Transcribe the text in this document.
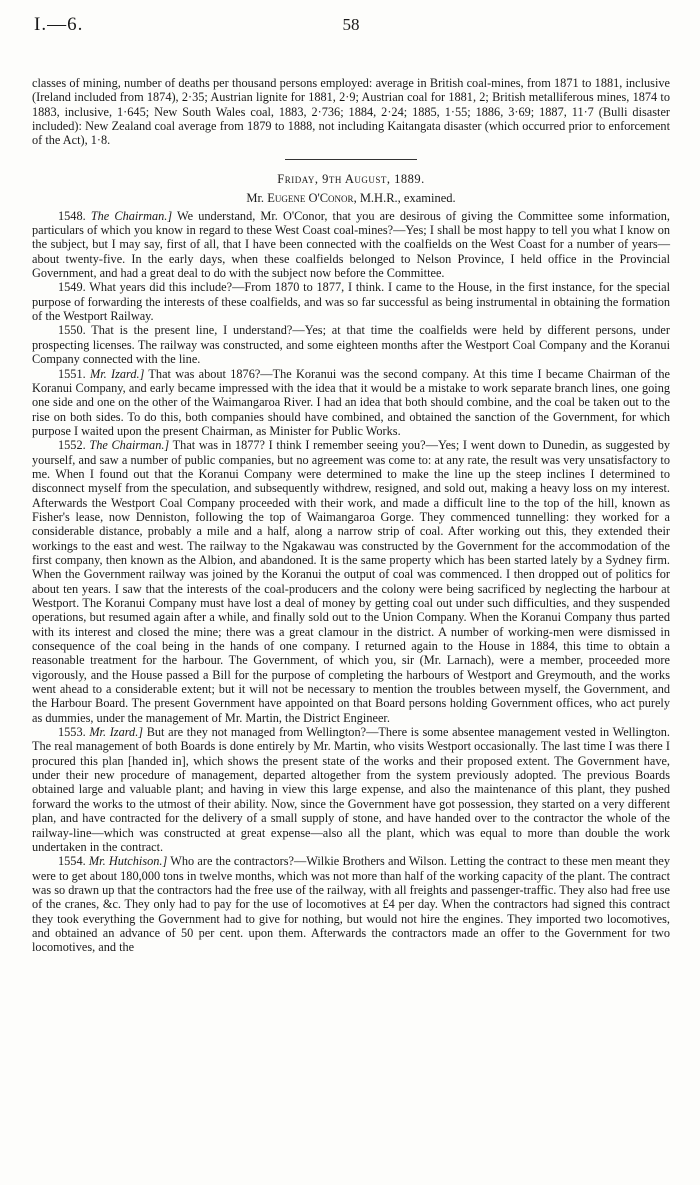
I.—6.	58

classes of mining, number of deaths per thousand persons employed: average in British coal-mines, from 1871 to 1881, inclusive (Ireland included from 1874), 2·35; Austrian lignite for 1881, 2·9; Austrian coal for 1881, 2; British metalliferous mines, 1874 to 1883, inclusive, 1·645; New South Wales coal, 1883, 2·736; 1884, 2·24; 1885, 1·55; 1886, 3·69; 1887, 11·7 (Bulli disaster included): New Zealand coal average from 1879 to 1888, not including Kaitangata disaster (which occurred prior to enforcement of the Act), 1·8.

Friday, 9th August, 1889.
Mr. Eugene O'Conor, M.H.R., examined.

1548. The Chairman.] We understand, Mr. O'Conor, that you are desirous of giving the Committee some information, particulars of which you know in regard to these West Coast coal-mines?—Yes; I shall be most happy to tell you what I know on the subject, but I may say, first of all, that I have been connected with the coalfields on the West Coast for a number of years—about twenty-five. In the early days, when these coalfields belonged to Nelson Province, I held office in the Provincial Government, and had a great deal to do with the subject now before the Committee.

1549. What years did this include?—From 1870 to 1877, I think. I came to the House, in the first instance, for the special purpose of forwarding the interests of these coalfields, and was so far successful as being instrumental in obtaining the formation of the Westport Railway.

1550. That is the present line, I understand?—Yes; at that time the coalfields were held by different persons, under prospecting licenses. The railway was constructed, and some eighteen months after the Westport Coal Company and the Koranui Company connected with the line.

1551. Mr. Izard.] That was about 1876?—The Koranui was the second company. At this time I became Chairman of the Koranui Company, and early became impressed with the idea that it would be a mistake to work separate branch lines, one going one side and one on the other of the Waimangaroa River. I had an idea that both should combine, and the coal be taken out to the rise on both sides. To do this, both companies should have combined, and obtained the sanction of the Government, for which purpose I waited upon the present Chairman, as Minister for Public Works.

1552. The Chairman.] That was in 1877? I think I remember seeing you?—Yes; I went down to Dunedin, as suggested by yourself, and saw a number of public companies, but no agreement was come to: at any rate, the result was very unsatisfactory to me. When I found out that the Koranui Company were determined to make the line up the steep inclines I determined to disconnect myself from the speculation, and subsequently withdrew, resigned, and sold out, making a heavy loss on my interest. Afterwards the Westport Coal Company proceeded with their work, and made a difficult line to the top of the hill, known as Fisher's lease, now Denniston, following the top of Waimangaroa Gorge. They commenced tunnelling: they worked for a considerable distance, probably a mile and a half, along a narrow strip of coal. After working out this, they extended their workings to the east and west. The railway to the Ngakawau was constructed by the Government for the accommodation of the first company, then known as the Albion, and abandoned. It is the same property which has been started lately by a Sydney firm. When the Government railway was joined by the Koranui the output of coal was commenced. I then dropped out of politics for about ten years. I saw that the interests of the coal-producers and the colony were being sacrificed by neglecting the harbour at Westport. The Koranui Company must have lost a deal of money by getting coal out under such difficulties, and they suspended operations, but resumed again after a while, and finally sold out to the Union Company. When the Koranui Company thus parted with its interest and closed the mine; there was a great clamour in the district. A number of working-men were dismissed in consequence of the coal being in the hands of one company. I returned again to the House in 1884, this time to obtain a reasonable treatment for the harbour. The Government, of which you, sir (Mr. Larnach), were a member, proceeded more vigorously, and the House passed a Bill for the purpose of completing the harbours of Westport and Greymouth, and the works went ahead to a considerable extent; but it will not be necessary to mention the troubles between myself, the Government, and the Harbour Board. The present Government have appointed on that Board persons holding Government offices, who act purely as dummies, under the management of Mr. Martin, the District Engineer.

1553. Mr. Izard.] But are they not managed from Wellington?—There is some absentee management vested in Wellington. The real management of both Boards is done entirely by Mr. Martin, who visits Westport occasionally. The last time I was there I procured this plan [handed in], which shows the present state of the works and their proposed extent. The Government have, under their new procedure of management, departed altogether from the system previously adopted. The previous Boards obtained large and valuable plant; and having in view this large expense, and also the maintenance of this plant, they pushed forward the works to the utmost of their ability. Now, since the Government have got possession, they started on a very different plan, and have contracted for the delivery of a small supply of stone, and have handed over to the contractor the whole of the railway-line—which was constructed at great expense—also all the plant, which was equal to more than double the work undertaken in the contract.

1554. Mr. Hutchison.] Who are the contractors?—Wilkie Brothers and Wilson. Letting the contract to these men meant they were to get about 180,000 tons in twelve months, which was not more than half of the working capacity of the plant. The contract was so drawn up that the contractors had the free use of the railway, with all freights and passenger-traffic. They also had free use of the cranes, &c. They only had to pay for the use of locomotives at £4 per day. When the contractors had signed this contract they took everything the Government had to give for nothing, but would not hire the engines. They imported two locomotives, and obtained an advance of 50 per cent. upon them. Afterwards the contractors made an offer to the Government for two locomotives, and the
